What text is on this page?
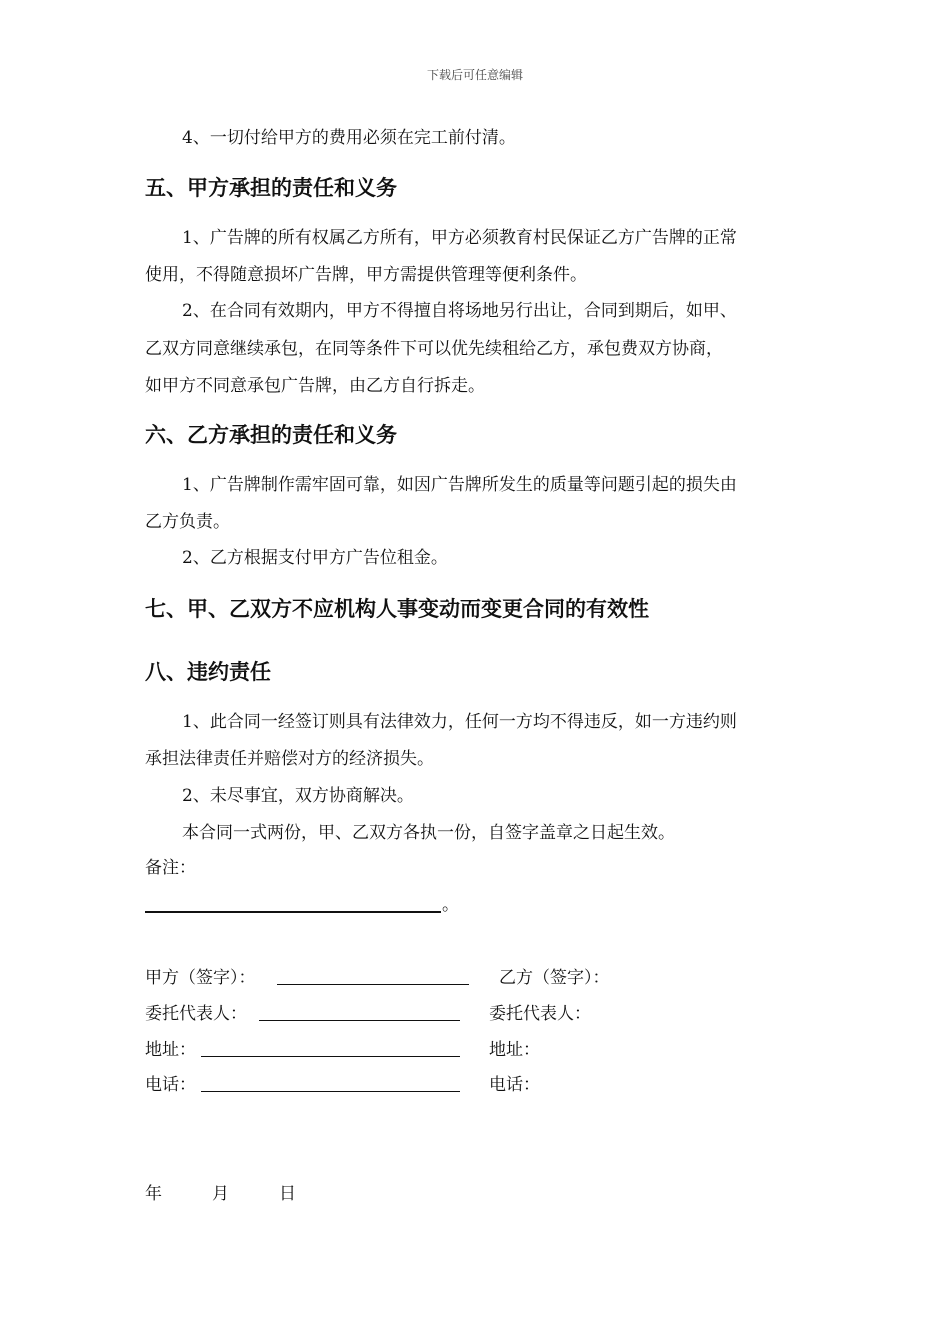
下载后可任意编辑
4、一切付给甲方的费用必须在完工前付清。
五、甲方承担的责任和义务
1、广告牌的所有权属乙方所有，甲方必须教育村民保证乙方广告牌的正常
使用，不得随意损坏广告牌，甲方需提供管理等便利条件。
2、在合同有效期内，甲方不得擅自将场地另行出让，合同到期后，如甲、
乙双方同意继续承包，在同等条件下可以优先续租给乙方，承包费双方协商，
如甲方不同意承包广告牌，由乙方自行拆走。
六、乙方承担的责任和义务
1、广告牌制作需牢固可靠，如因广告牌所发生的质量等问题引起的损失由
乙方负责。
2、乙方根据支付甲方广告位租金。
七、甲、乙双方不应机构人事变动而变更合同的有效性
八、违约责任
1、此合同一经签订则具有法律效力，任何一方均不得违反，如一方违约则
承担法律责任并赔偿对方的经济损失。
2、未尽事宜，双方协商解决。
本合同一式两份，甲、乙双方各执一份，自签字盖章之日起生效。
备注：
。
甲方（签字）：	乙方（签字）：
委托代表人：	委托代表人：
地址：	地址：
电话：	电话：
年	月	日
